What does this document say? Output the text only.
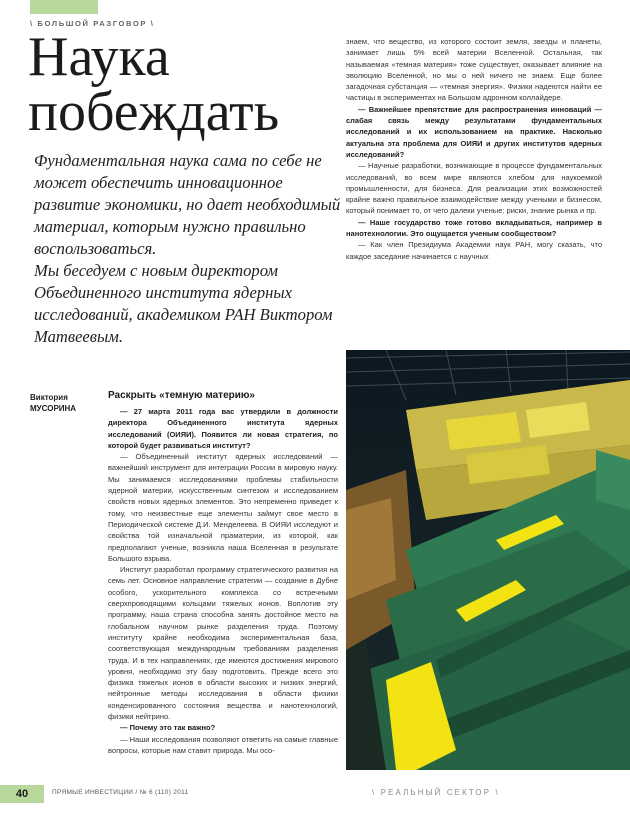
\ БОЛЬШОЙ РАЗГОВОР \
Наука
побеждать
Фундаментальная наука сама по себе не может обеспечить инновационное развитие экономики, но дает необходимый материал, которым нужно правильно воспользоваться.
Мы беседуем с новым директором Объединенного института ядерных исследований, академиком РАН Виктором Матвеевым.
Виктория
МУСОРИНА
Раскрыть «темную материю»

— 27 марта 2011 года вас утвердили в должности директора Объединенного института ядерных исследований (ОИЯИ). Появится ли новая стратегия, по которой будет развиваться институт?

— Объединенный институт ядерных исследований — важнейший инструмент для интеграции России в мировую науку. Мы занимаемся исследованиями проблемы стабильности ядерной материи, искусственным синтезом и исследованием свойств новых ядерных элементов. Это непременно приведет к тому, что неизвестные еще элементы займут свое место в Периодической системе Д.И. Менделеева. В ОИЯИ исследуют и свойства той изначальной праматерии, из которой, как предполагают ученые, возникла наша Вселенная в результате Большого взрыва.

Институт разработал программу стратегического развития на семь лет. Основное направление стратегии — создание в Дубне особого, ускорительного комплекса со встречными сверхпроводящими кольцами тяжелых ионов. Воплотив эту программу, наша страна способна занять достойное место на глобальном научном рынке разделения труда. Поэтому институту крайне необходима экспериментальная база, соответствующая международным требованиям разделения труда. И в тех направлениях, где имеются достижения мирового уровня, необходимо эту базу подготовить. Прежде всего это физика тяжелых ионов в области высоких и низких энергий, нейтронные методы исследования в области физики конденсированного состояния вещества и нанотехнологий, физики нейтрино.

— Почему это так важно?

— Наши исследования позволяют ответить на самые главные вопросы, которые нам ставит природа. Мы осо-

знаем, что вещество, из которого состоит земля, звезды и планеты, занимает лишь 5% всей материи Вселенной. Остальная, так называемая «темная материя» тоже существует, оказывает влияние на эволюцию Вселенной, но мы о ней ничего не знаем. Еще более загадочная субстанция — «темная энергия». Физики надеются найти ее частицы в экспериментах на Большом адронном коллайдере.

— Важнейшее препятствие для распространения инноваций — слабая связь между результатами фундаментальных исследований и их использованием на практике. Насколько актуальна эта проблема для ОИЯИ и других институтов ядерных исследований?

— Научные разработки, возникающие в процессе фундаментальных исследований, во всем мире являются хлебом для наукоемкой промышленности, для бизнеса. Для реализации этих возможностей крайне важно правильное взаимодействие между учеными и бизнесом, который понимает то, от чего далеки ученые: риски, знание рынка и пр.

— Наше государство тоже готово вкладываться, например в нанотехнологии. Это ощущается ученым сообществом?

— Как член Президиума Академии наук РАН, могу сказать, что каждое заседание начинается с научных

40	ПРЯМЫЕ ИНВЕСТИЦИИ / № 6 (110) 2011	\ РЕАЛЬНЫЙ СЕКТОР \
